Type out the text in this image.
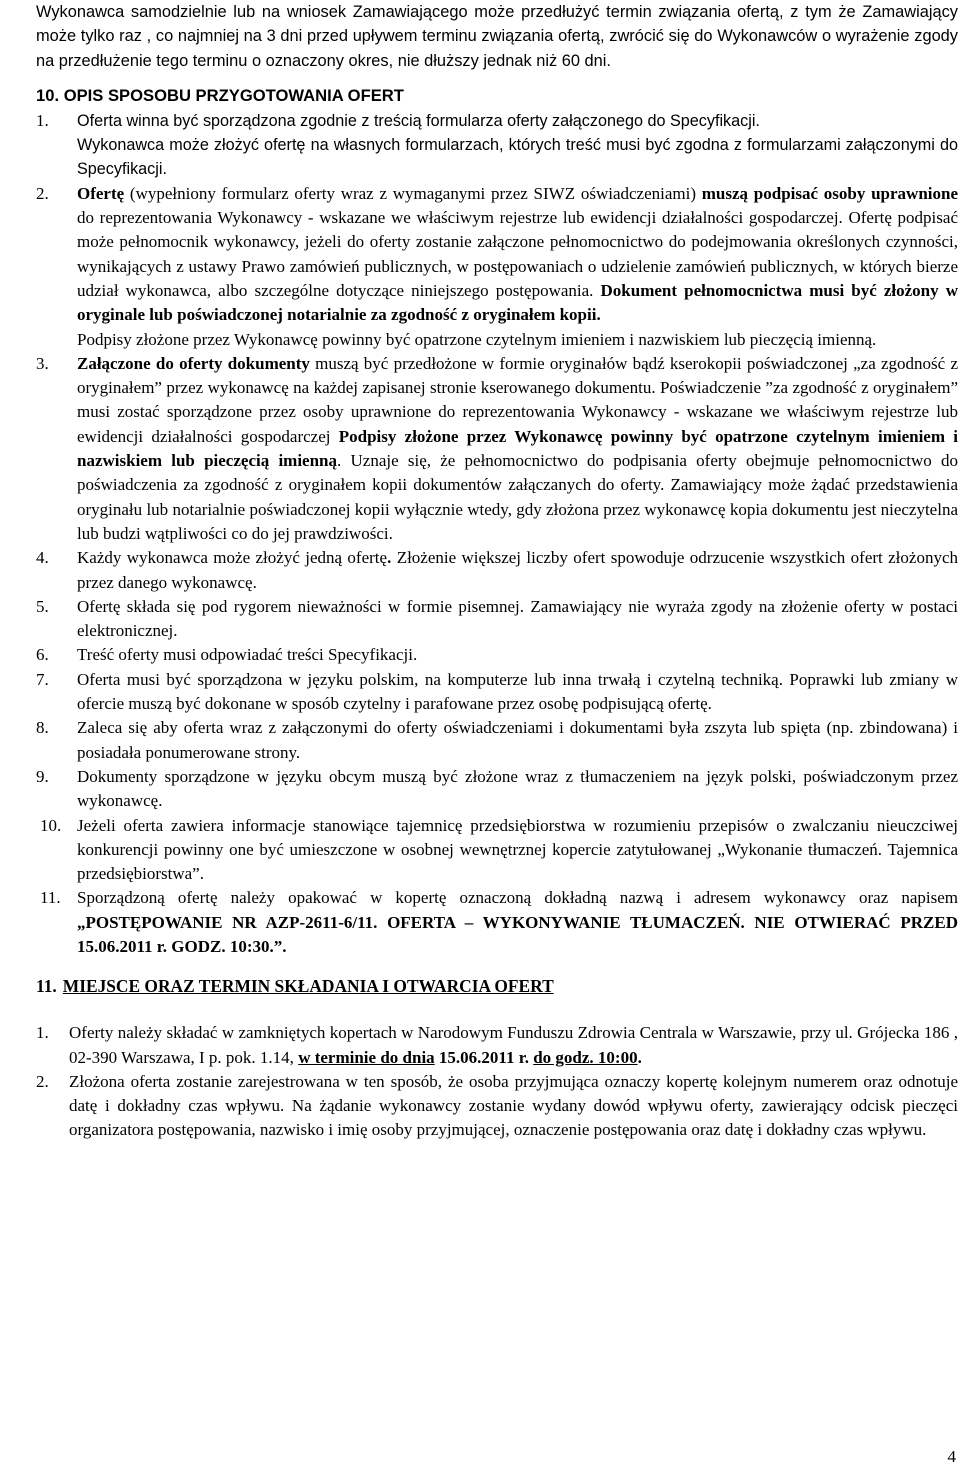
Wykonawca samodzielnie lub na wniosek Zamawiającego może przedłużyć termin związania ofertą, z tym że Zamawiający może tylko raz , co najmniej na 3 dni przed upływem terminu związania ofertą, zwrócić się do Wykonawców o wyrażenie zgody na przedłużenie tego terminu o oznaczony okres, nie dłuższy jednak niż 60 dni.

10. OPIS SPOSOBU PRZYGOTOWANIA OFERT
1. Oferta winna być sporządzona zgodnie z treścią formularza oferty załączonego do Specyfikacji.

Wykonawca może złożyć ofertę na własnych formularzach, których treść musi być zgodna z formularzami załączonymi do Specyfikacji.

2. Ofertę (wypełniony formularz oferty wraz z wymaganymi przez SIWZ oświadczeniami) muszą podpisać osoby uprawnione do reprezentowania Wykonawcy - wskazane we właściwym rejestrze lub ewidencji działalności gospodarczej. Ofertę podpisać może pełnomocnik wykonawcy, jeżeli do oferty zostanie załączone pełnomocnictwo do podejmowania określonych czynności, wynikających z ustawy Prawo zamówień publicznych, w postępowaniach o udzielenie zamówień publicznych, w których bierze udział wykonawca, albo szczególne dotyczące niniejszego postępowania. Dokument pełnomocnictwa musi być złożony w oryginale lub poświadczonej notarialnie za zgodność z oryginałem kopii.

Podpisy złożone przez Wykonawcę powinny być opatrzone czytelnym imieniem i nazwiskiem lub pieczęcią imienną.

3. Załączone do oferty dokumenty muszą być przedłożone w formie oryginałów bądź kserokopii poświadczonej „za zgodność z oryginałem” przez wykonawcę na każdej zapisanej stronie kserowanego dokumentu. Poświadczenie ”za zgodność z oryginałem” musi zostać sporządzone przez osoby uprawnione do reprezentowania Wykonawcy - wskazane we właściwym rejestrze lub ewidencji działalności gospodarczej Podpisy złożone przez Wykonawcę powinny być opatrzone czytelnym imieniem i nazwiskiem lub pieczęcią imienną. Uznaje się, że pełnomocnictwo do podpisania oferty obejmuje pełnomocnictwo do poświadczenia za zgodność z oryginałem kopii dokumentów załączanych do oferty. Zamawiający może żądać przedstawienia oryginału lub notarialnie poświadczonej kopii wyłącznie wtedy, gdy złożona przez wykonawcę kopia dokumentu jest nieczytelna lub budzi wątpliwości co do jej prawdziwości.

4. Każdy wykonawca może złożyć jedną ofertę. Złożenie większej liczby ofert spowoduje odrzucenie wszystkich ofert złożonych przez danego wykonawcę.

5. Ofertę składa się pod rygorem nieważności w formie pisemnej. Zamawiający nie wyraża zgody na złożenie oferty w postaci elektronicznej.

6. Treść oferty musi odpowiadać treści Specyfikacji.

7. Oferta musi być sporządzona w języku polskim, na komputerze lub inna trwałą i czytelną techniką. Poprawki lub zmiany w ofercie muszą być dokonane w sposób czytelny i parafowane przez osobę podpisującą ofertę.

8. Zaleca się aby oferta wraz z załączonymi do oferty oświadczeniami i dokumentami była zszyta lub spięta (np. zbindowana) i posiadała ponumerowane strony.

9. Dokumenty sporządzone w języku obcym muszą być złożone wraz z tłumaczeniem na język polski, poświadczonym przez wykonawcę.

10. Jeżeli oferta zawiera informacje stanowiące tajemnicę przedsiębiorstwa w rozumieniu przepisów o zwalczaniu nieuczciwej konkurencji powinny one być umieszczone w osobnej wewnętrznej kopercie zatytułowanej „Wykonanie tłumaczeń. Tajemnica przedsiębiorstwa”.

11. Sporządzoną ofertę należy opakować w kopertę oznaczoną dokładną nazwą i adresem wykonawcy oraz napisem „POSTĘPOWANIE NR AZP-2611-6/11. OFERTA – WYKONYWANIE TŁUMACZEŃ. NIE OTWIERAĆ PRZED 15.06.2011 r. GODZ. 10:30.”.

11. MIEJSCE ORAZ TERMIN SKŁADANIA I OTWARCIA OFERT
1. Oferty należy składać w zamkniętych kopertach w Narodowym Funduszu Zdrowia Centrala w Warszawie, przy ul. Grójecka 186 , 02-390 Warszawa, I p. pok. 1.14, w terminie do dnia 15.06.2011 r. do godz. 10:00.

2. Złożona oferta zostanie zarejestrowana w ten sposób, że osoba przyjmująca oznaczy kopertę kolejnym numerem oraz odnotuje datę i dokładny czas wpływu. Na żądanie wykonawcy zostanie wydany dowód wpływu oferty, zawierający odcisk pieczęci organizatora postępowania, nazwisko i imię osoby przyjmującej, oznaczenie postępowania oraz datę i dokładny czas wpływu.

4
